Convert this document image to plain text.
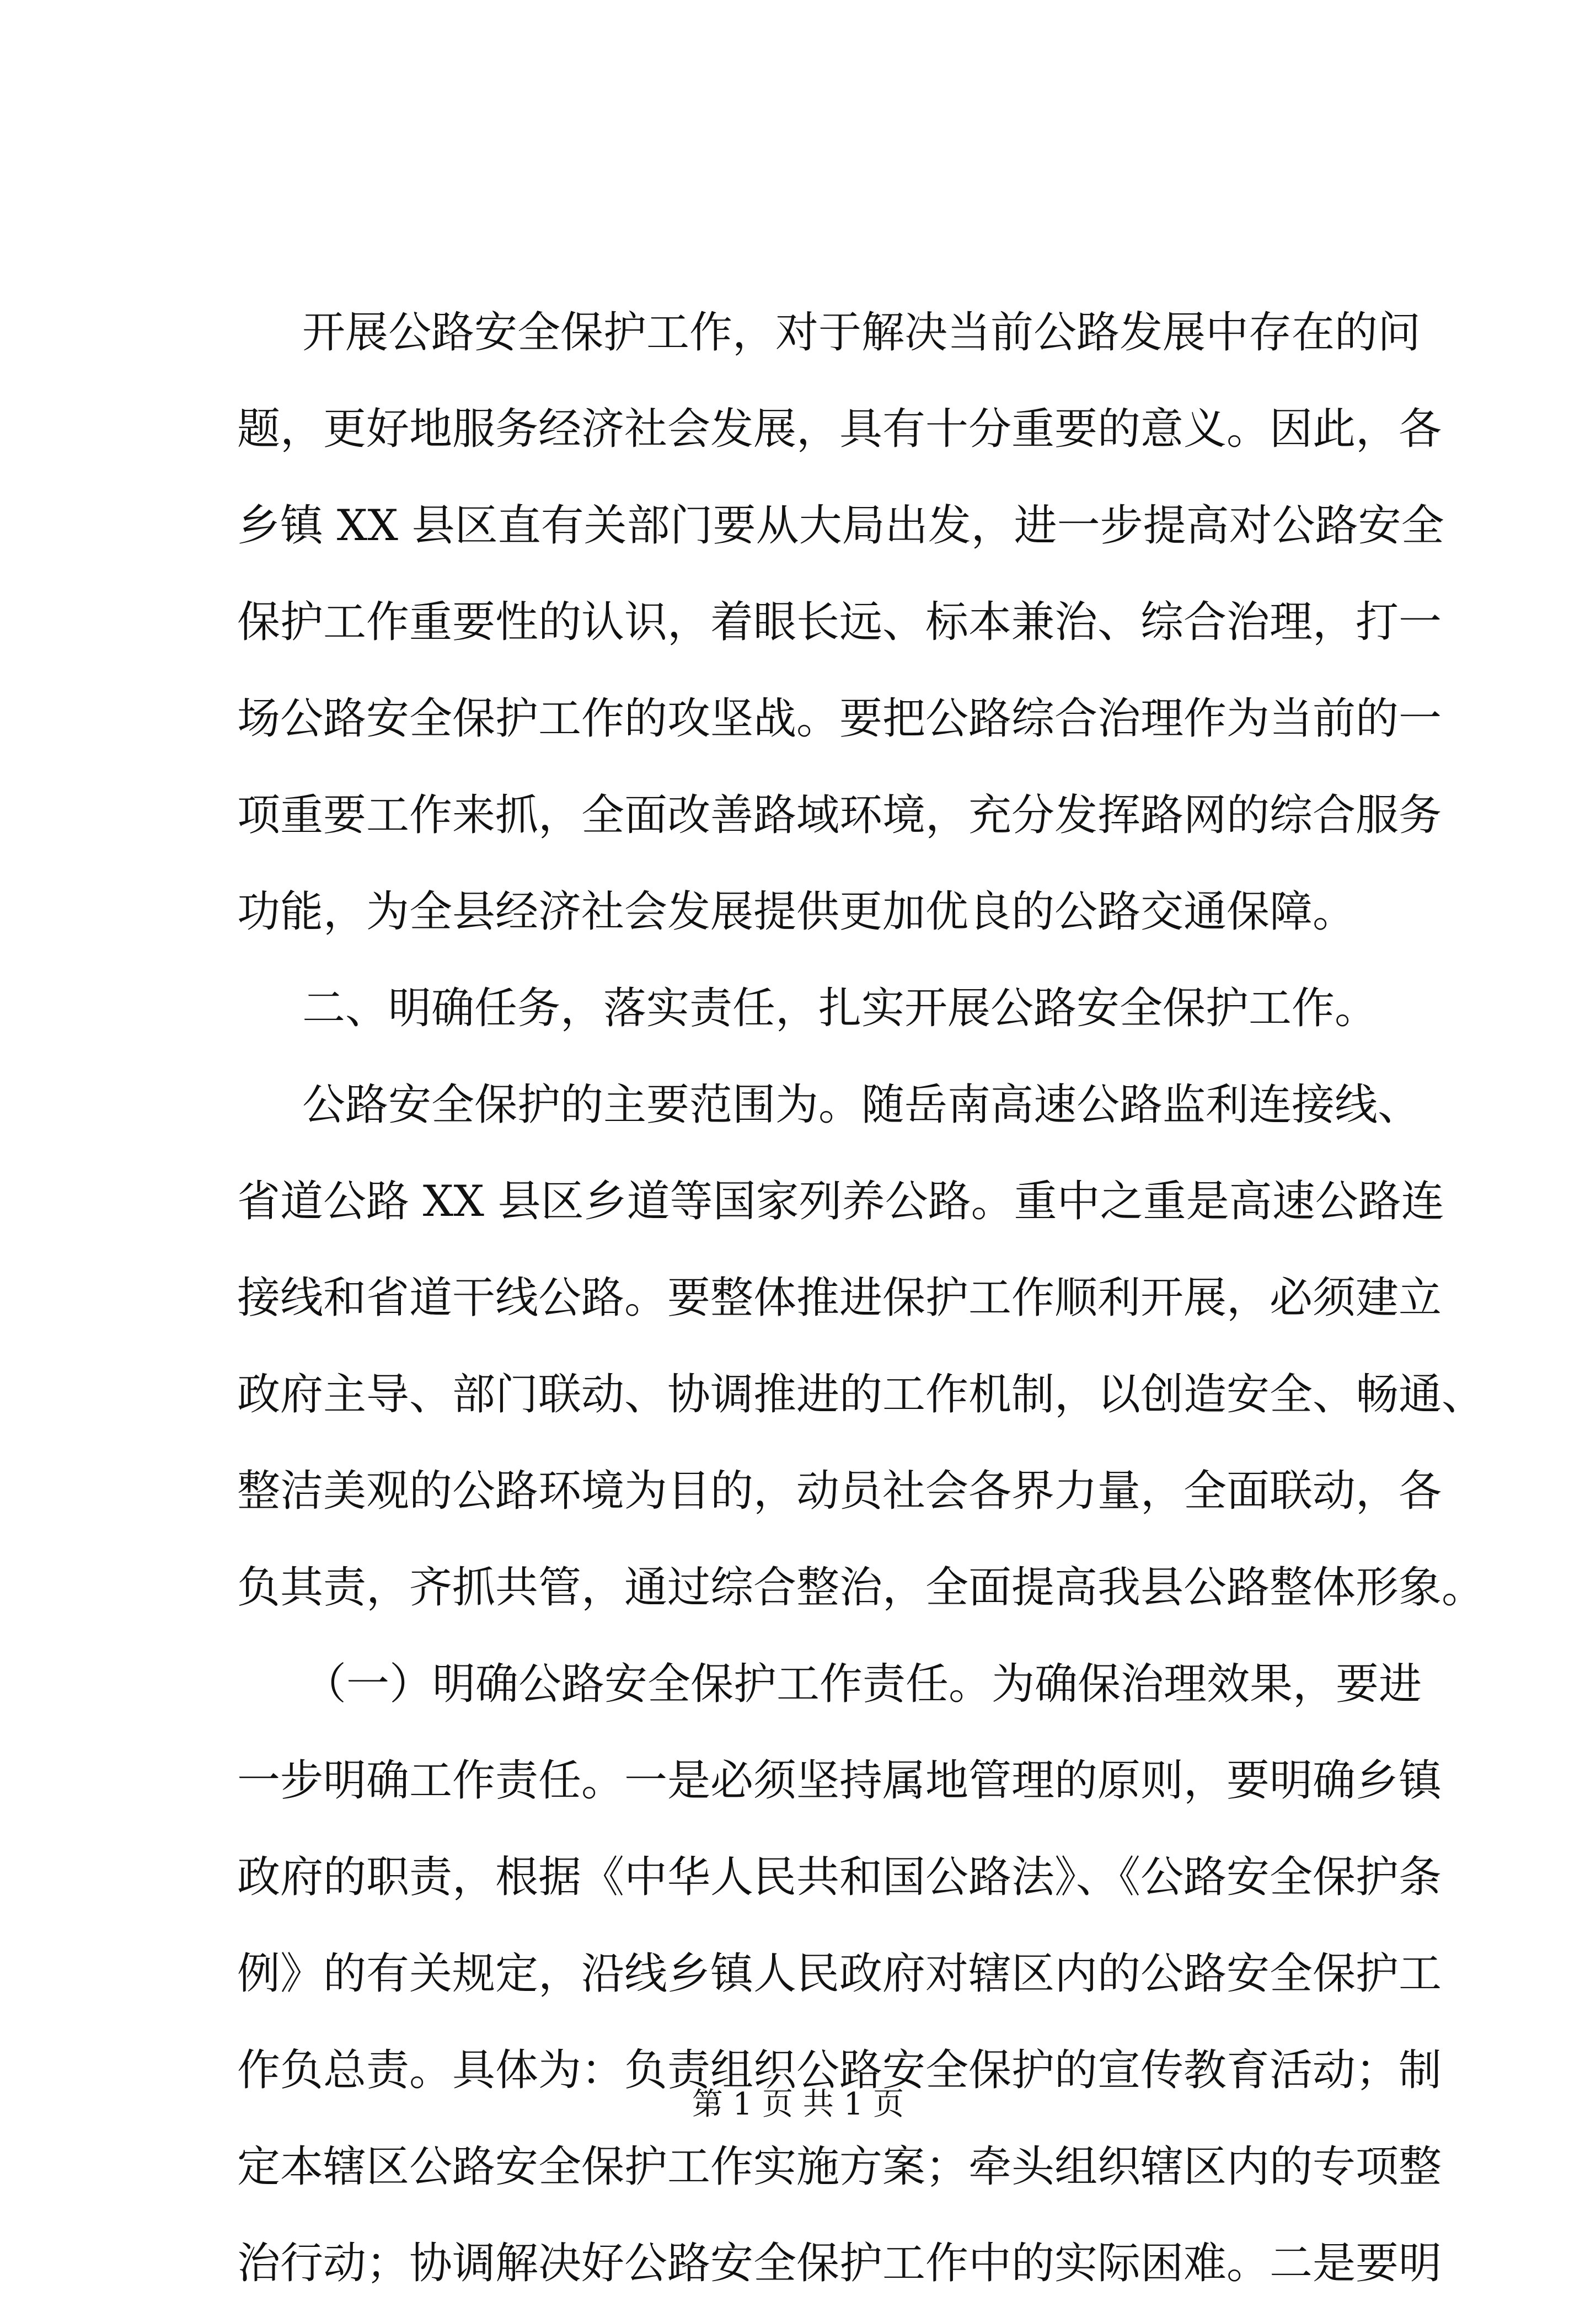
开展公路安全保护工作，对于解决当前公路发展中存在的问
题，更好地服务经济社会发展，具有十分重要的意义。因此，各
乡镇 XX 县区直有关部门要从大局出发，进一步提高对公路安全
保护工作重要性的认识，着眼长远、标本兼治、综合治理，打一
场公路安全保护工作的攻坚战。要把公路综合治理作为当前的一
项重要工作来抓，全面改善路域环境，充分发挥路网的综合服务
功能，为全县经济社会发展提供更加优良的公路交通保障。
二、明确任务，落实责任，扎实开展公路安全保护工作。
公路安全保护的主要范围为。随岳南高速公路监利连接线、
省道公路 XX 县区乡道等国家列养公路。重中之重是高速公路连
接线和省道干线公路。要整体推进保护工作顺利开展，必须建立
政府主导、部门联动、协调推进的工作机制，以创造安全、畅通、
整洁美观的公路环境为目的，动员社会各界力量，全面联动，各
负其责，齐抓共管，通过综合整治，全面提高我县公路整体形象。
（一）明确公路安全保护工作责任。为确保治理效果，要进
一步明确工作责任。一是必须坚持属地管理的原则，要明确乡镇
政府的职责，根据《中华人民共和国公路法》、《公路安全保护条
例》的有关规定，沿线乡镇人民政府对辖区内的公路安全保护工
作负总责。具体为：负责组织公路安全保护的宣传教育活动；制
定本辖区公路安全保护工作实施方案；牵头组织辖区内的专项整
治行动；协调解决好公路安全保护工作中的实际困难。二是要明
第 1 页 共 1 页
